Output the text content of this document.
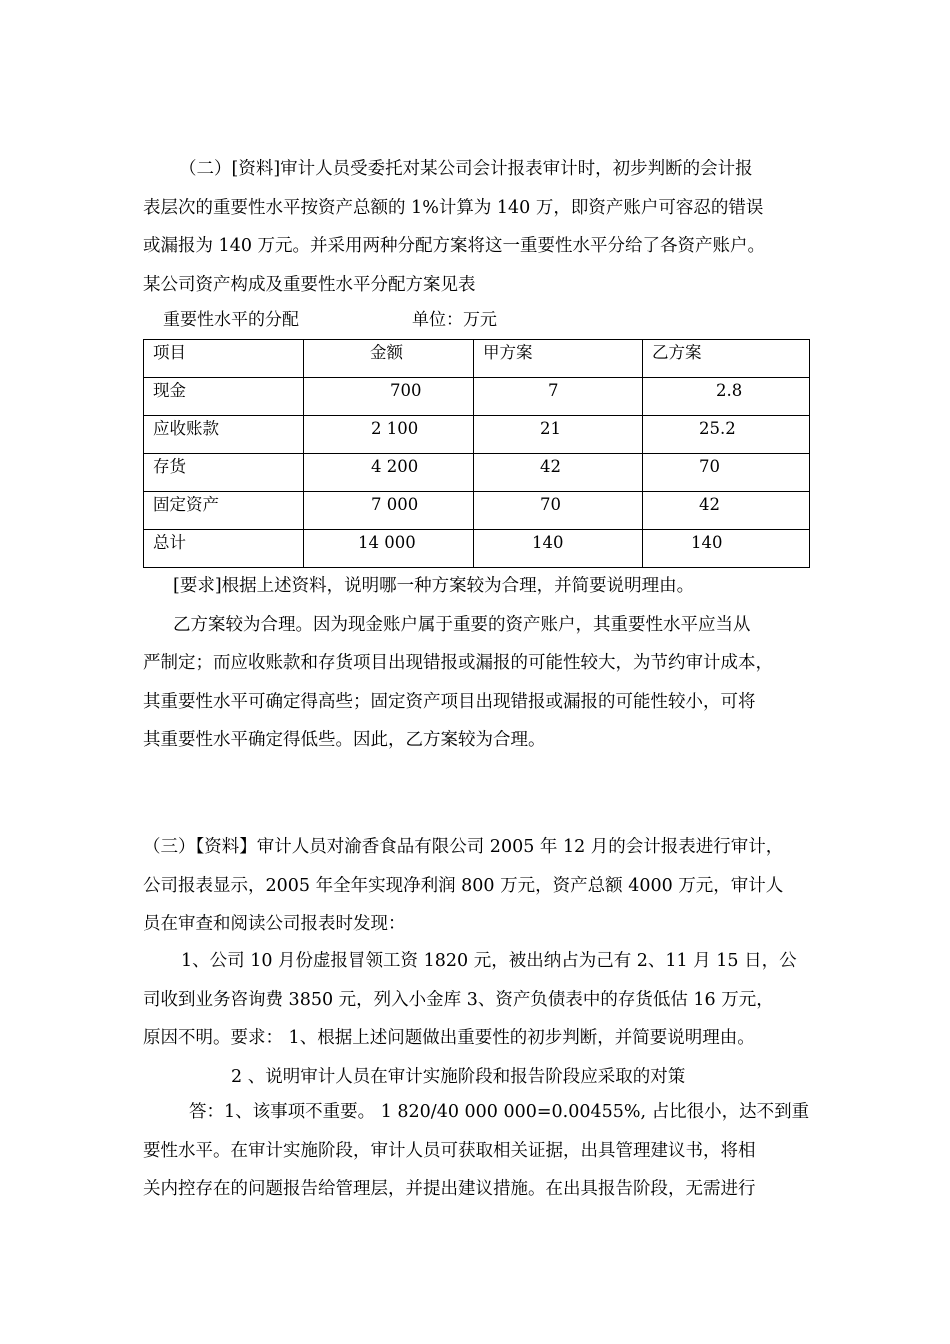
（二）[资料]审计人员受委托对某公司会计报表审计时，初步判断的会计报
表层次的重要性水平按资产总额的 1%计算为 140 万，即资产账户可容忍的错误
或漏报为 140 万元。并采用两种分配方案将这一重要性水平分给了各资产账户。
某公司资产构成及重要性水平分配方案见表
重要性水平的分配	单位：万元
项目	金额	甲方案	乙方案
现金	700	7	2.8
应收账款	2 100	21	25.2
存货	4 200	42	70
固定资产	7 000	70	42
总计	14 000	140	140
[要求]根据上述资料，说明哪一种方案较为合理，并简要说明理由。
乙方案较为合理。因为现金账户属于重要的资产账户，其重要性水平应当从
严制定；而应收账款和存货项目出现错报或漏报的可能性较大，为节约审计成本，
其重要性水平可确定得高些；固定资产项目出现错报或漏报的可能性较小，可将
其重要性水平确定得低些。因此，乙方案较为合理。
（三）【资料】审计人员对渝香食品有限公司 2005 年 12 月的会计报表进行审计，
公司报表显示，2005 年全年实现净利润 800 万元，资产总额 4000 万元，审计人
员在审查和阅读公司报表时发现：
1、公司 10 月份虚报冒领工资 1820 元，被出纳占为己有 2、11 月 15 日，公
司收到业务咨询费 3850 元，列入小金库 3、资产负债表中的存货低估 16 万元，
原因不明。要求： 1、根据上述问题做出重要性的初步判断，并简要说明理由。
2 、说明审计人员在审计实施阶段和报告阶段应采取的对策
答：1、该事项不重要。 1 820/40 000 000=0.00455%, 占比很小，达不到重
要性水平。在审计实施阶段，审计人员可获取相关证据，出具管理建议书，将相
关内控存在的问题报告给管理层，并提出建议措施。在出具报告阶段，无需进行
